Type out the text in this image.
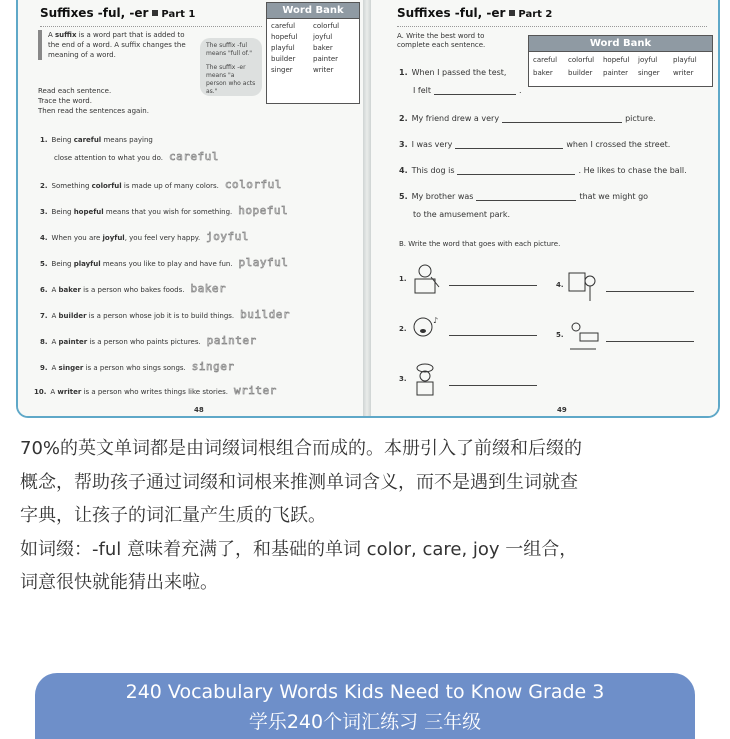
Suffixes -ful, -er Part 1	Word Bank
careful	colorful
hopeful	joyful
playful	baker
builder	painter
singer	writer
A suffix is a word part that is added to the end of a word. A suffix changes the meaning of a word.
The suffix -ful means "full of."
The suffix -er means "a person who acts as."
Read each sentence.
Trace the word.
Then read the sentences again.
1. Being careful means paying
close attention to what you do. careful
2. Something colorful is made up of many colors. colorful
3. Being hopeful means that you wish for something. hopeful
4. When you are joyful, you feel very happy. joyful
5. Being playful means you like to play and have fun. playful
6. A baker is a person who bakes foods. baker
7. A builder is a person whose job it is to build things. builder
8. A painter is a person who paints pictures. painter
9. A singer is a person who sings songs. singer
10. A writer is a person who writes things like stories. writer
48
Suffixes -ful, -er Part 2
A. Write the best word to complete each sentence.	Word Bank
careful	colorful	hopeful	joyful	playful
baker	builder	painter	singer	writer
1. When I passed the test,
I felt	.
2. My friend drew a very	picture.
3. I was very	when I crossed the street.
4. This dog is	. He likes to chase the ball.
5. My brother was	that we might go
to the amusement park.
B. Write the word that goes with each picture.
1.
2.
♪
3.
4.
5.
49

70%的英文单词都是由词缀词根组合而成的。本册引入了前缀和后缀的

概念，帮助孩子通过词缀和词根来推测单词含义，而不是遇到生词就查

字典，让孩子的词汇量产生质的飞跃。

如词缀：-ful 意味着充满了，和基础的单词 color, care, joy 一组合，

词意很快就能猜出来啦。

240 Vocabulary Words Kids Need to Know Grade 3
学乐240个词汇练习 三年级
